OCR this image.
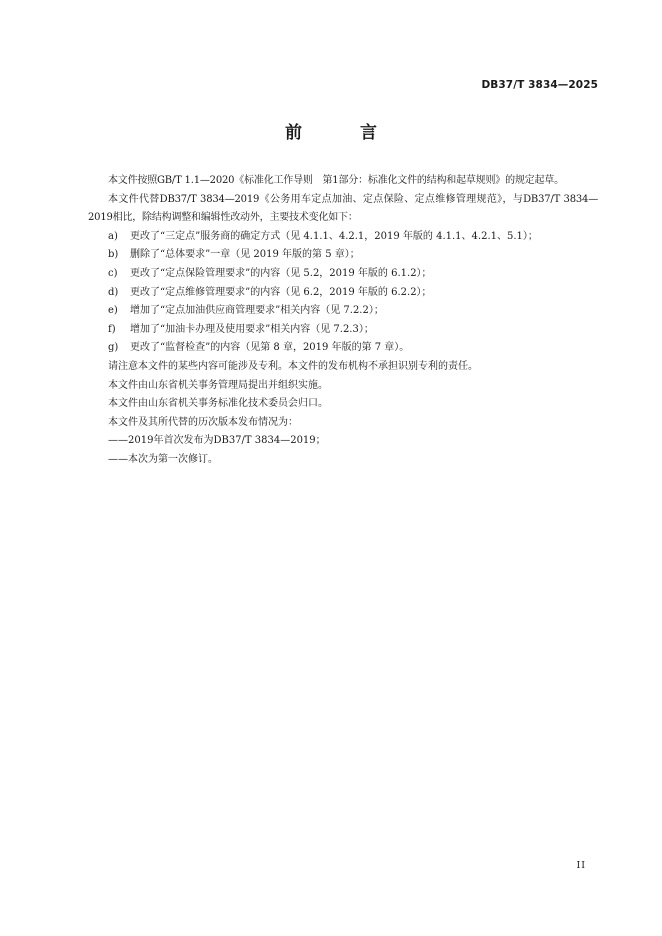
DB37/T 3834—2025
前 言

本文件按照GB/T 1.1—2020《标准化工作导则　第1部分：标准化文件的结构和起草规则》的规定起草。

本文件代替DB37/T 3834—2019《公务用车定点加油、定点保险、定点维修管理规范》，与DB37/T 3834—2019相比，除结构调整和编辑性改动外，主要技术变化如下：

a) 更改了“三定点”服务商的确定方式（见 4.1.1、4.2.1，2019 年版的 4.1.1、4.2.1、5.1）；

b) 删除了“总体要求”一章（见 2019 年版的第 5 章）；

c) 更改了“定点保险管理要求”的内容（见 5.2，2019 年版的 6.1.2）；

d) 更改了“定点维修管理要求”的内容（见 6.2，2019 年版的 6.2.2）；

e) 增加了“定点加油供应商管理要求”相关内容（见 7.2.2）；

f) 增加了“加油卡办理及使用要求”相关内容（见 7.2.3）；

g) 更改了“监督检查”的内容（见第 8 章，2019 年版的第 7 章）。

请注意本文件的某些内容可能涉及专利。本文件的发布机构不承担识别专利的责任。

本文件由山东省机关事务管理局提出并组织实施。

本文件由山东省机关事务标准化技术委员会归口。

本文件及其所代替的历次版本发布情况为：

——2019年首次发布为DB37/T 3834—2019；

——本次为第一次修订。

II
